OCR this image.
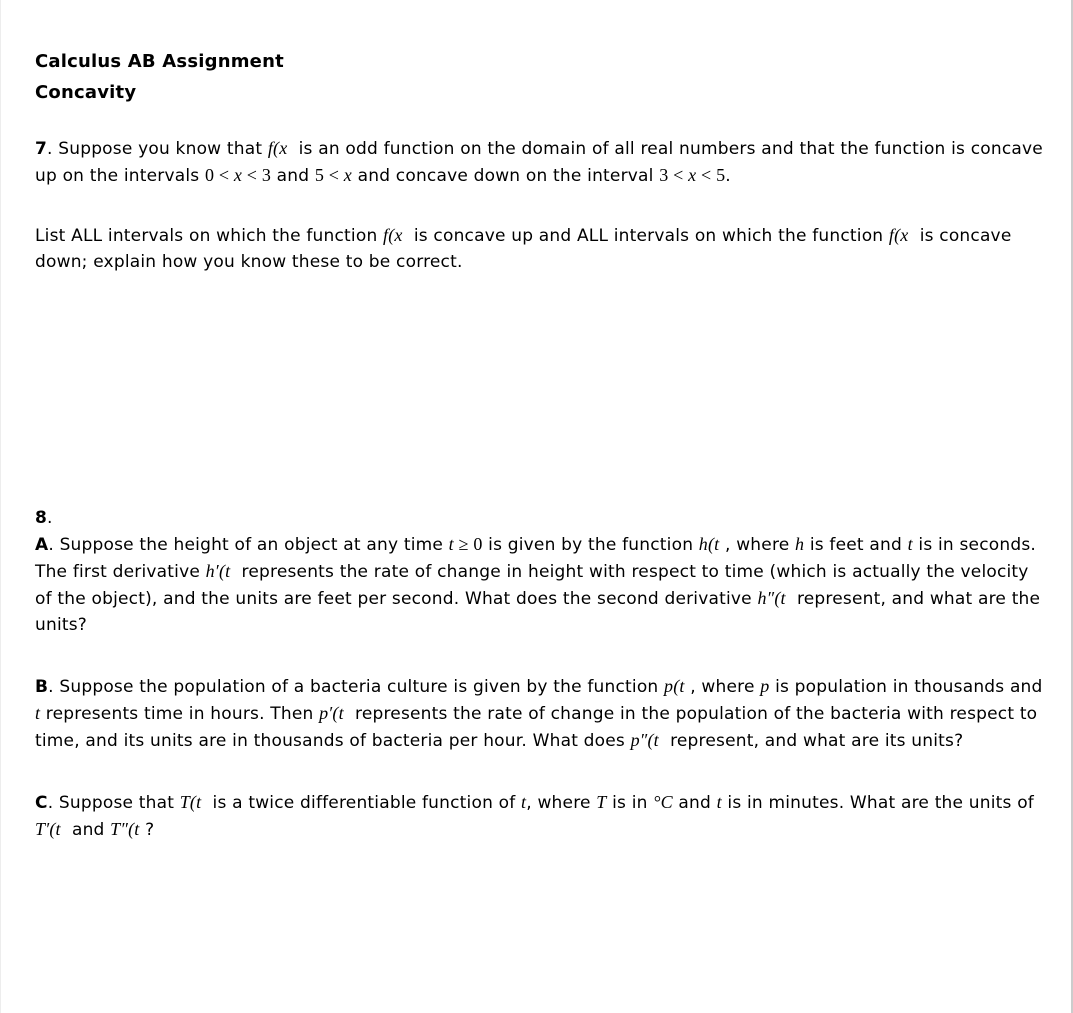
Calculus AB Assignment
Concavity

7. Suppose you know that f(x  is an odd function on the domain of all real numbers and that the function is concave up on the intervals 0 < x < 3 and 5 < x and concave down on the interval 3 < x < 5.

List ALL intervals on which the function f(x  is concave up and ALL intervals on which the function f(x  is concave down; explain how you know these to be correct.

8.

A. Suppose the height of an object at any time t ≥ 0 is given by the function h(t , where h is feet and t is in seconds. The first derivative h′(t  represents the rate of change in height with respect to time (which is actually the velocity of the object), and the units are feet per second. What does the second derivative h″(t  represent, and what are the units?

B. Suppose the population of a bacteria culture is given by the function p(t , where p is population in thousands and t represents time in hours. Then p′(t  represents the rate of change in the population of the bacteria with respect to time, and its units are in thousands of bacteria per hour. What does p″(t  represent, and what are its units?

C. Suppose that T(t  is a twice differentiable function of t, where T is in °C and t is in minutes. What are the units of T′(t  and T″(t ?
